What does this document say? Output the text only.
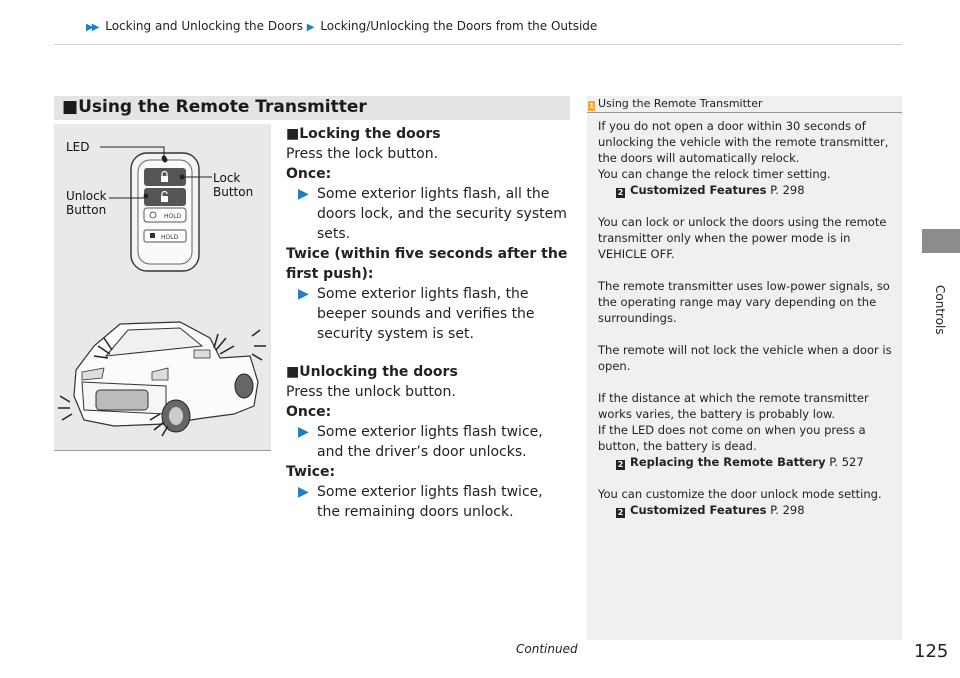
▶▶ Locking and Unlocking the Doors ▶ Locking/Unlocking the Doors from the Outside
Controls
■Using the Remote Transmitter
HOLD
HOLD
LED
Lock
Button
Unlock
Button

■Locking the doors

Press the lock button.

Once:

▶ Some exterior lights flash, all the doors lock, and the security system sets.

Twice (within five seconds after the first push):

▶ Some exterior lights flash, the beeper sounds and verifies the security system is set.

■Unlocking the doors

Press the unlock button.

Once:

▶ Some exterior lights flash twice, and the driver’s door unlocks.

Twice:

▶ Some exterior lights flash twice, the remaining doors unlock.

1 Using the Remote Transmitter

If you do not open a door within 30 seconds of unlocking the vehicle with the remote transmitter, the doors will automatically relock.

You can change the relock timer setting.

2 Customized Features P. 298

You can lock or unlock the doors using the remote transmitter only when the power mode is in VEHICLE OFF.

The remote transmitter uses low-power signals, so the operating range may vary depending on the surroundings.

The remote will not lock the vehicle when a door is open.

If the distance at which the remote transmitter works varies, the battery is probably low.

If the LED does not come on when you press a button, the battery is dead.

2 Replacing the Remote Battery P. 527

You can customize the door unlock mode setting.

2 Customized Features P. 298

Continued	125
